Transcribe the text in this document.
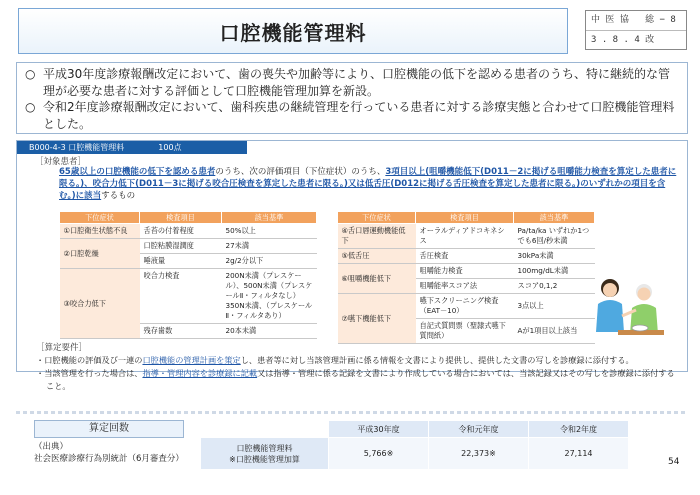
口腔機能管理料
中 医 協   総 − 8
3 . 8 . 4 改

○ 平成30年度診療報酬改定において、歯の喪失や加齢等により、口腔機能の低下を認める患者のうち、特に継続的な管理が必要な患者に対する評価として口腔機能管理加算を新設。

○ 令和2年度診療報酬改定において、歯科疾患の継続管理を行っている患者に対する診療実態と合わせて口腔機能管理料とした。

B000-4-3 口腔機能管理料	100点
［対象患者］
65歳以上の口腔機能の低下を認める患者のうち、次の評価項目（下位症状）のうち、3項目以上(咀嚼機能低下(D011－2に掲げる咀嚼能力検査を算定した患者に限る。)、咬合力低下(D011－3に掲げる咬合圧検査を算定した患者に限る。)又は低舌圧(D012に掲げる舌圧検査を算定した患者に限る。)のいずれかの項目を含む。)に該当するもの
下位症状	検査項目	該当基準
①口腔衛生状態不良	舌苔の付着程度	50%以上
②口腔乾燥	口腔粘膜湿潤度	27未満
	唾液量	2g/2分以下
③咬合力低下	咬合力検査	200N未満（プレスケール）、500N未満（プレスケールⅡ・フィルタなし）350N未満、（プレスケールⅡ・フィルタあり）
	残存歯数	20本未満
下位症状	検査項目	該当基準
④舌口唇運動機能低下	オーラルディアドコキネシス	Pa/ta/ka いずれか1つでも6回/秒未満
⑤低舌圧	舌圧検査	30kPa未満
⑥咀嚼機能低下	咀嚼能力検査	100mg/dL未満
	咀嚼能率スコア法	スコア0,1,2
⑦嚥下機能低下	嚥下スクリーニング検査（EAT－10）	3点以上
	自記式質問票（聖隷式嚥下質問紙）	Aが1項目以上該当
［算定要件］

・口腔機能の評価及び一連の口腔機能の管理計画を策定し、患者等に対し当該管理計画に係る情報を文書により提供し、提供した文書の写しを診療録に添付する。

・当該管理を行った場合は、指導・管理内容を診療録に記載又は指導・管理に係る記録を文書により作成している場合においては、当該記録又はその写しを診療録に添付すること。

算定回数
（出典）
社会医療診療行為別統計（6月審査分）
	平成30年度	令和元年度	令和2年度

口腔機能管理料
※口腔機能管理加算	5,766※	22,373※	27,114
54
